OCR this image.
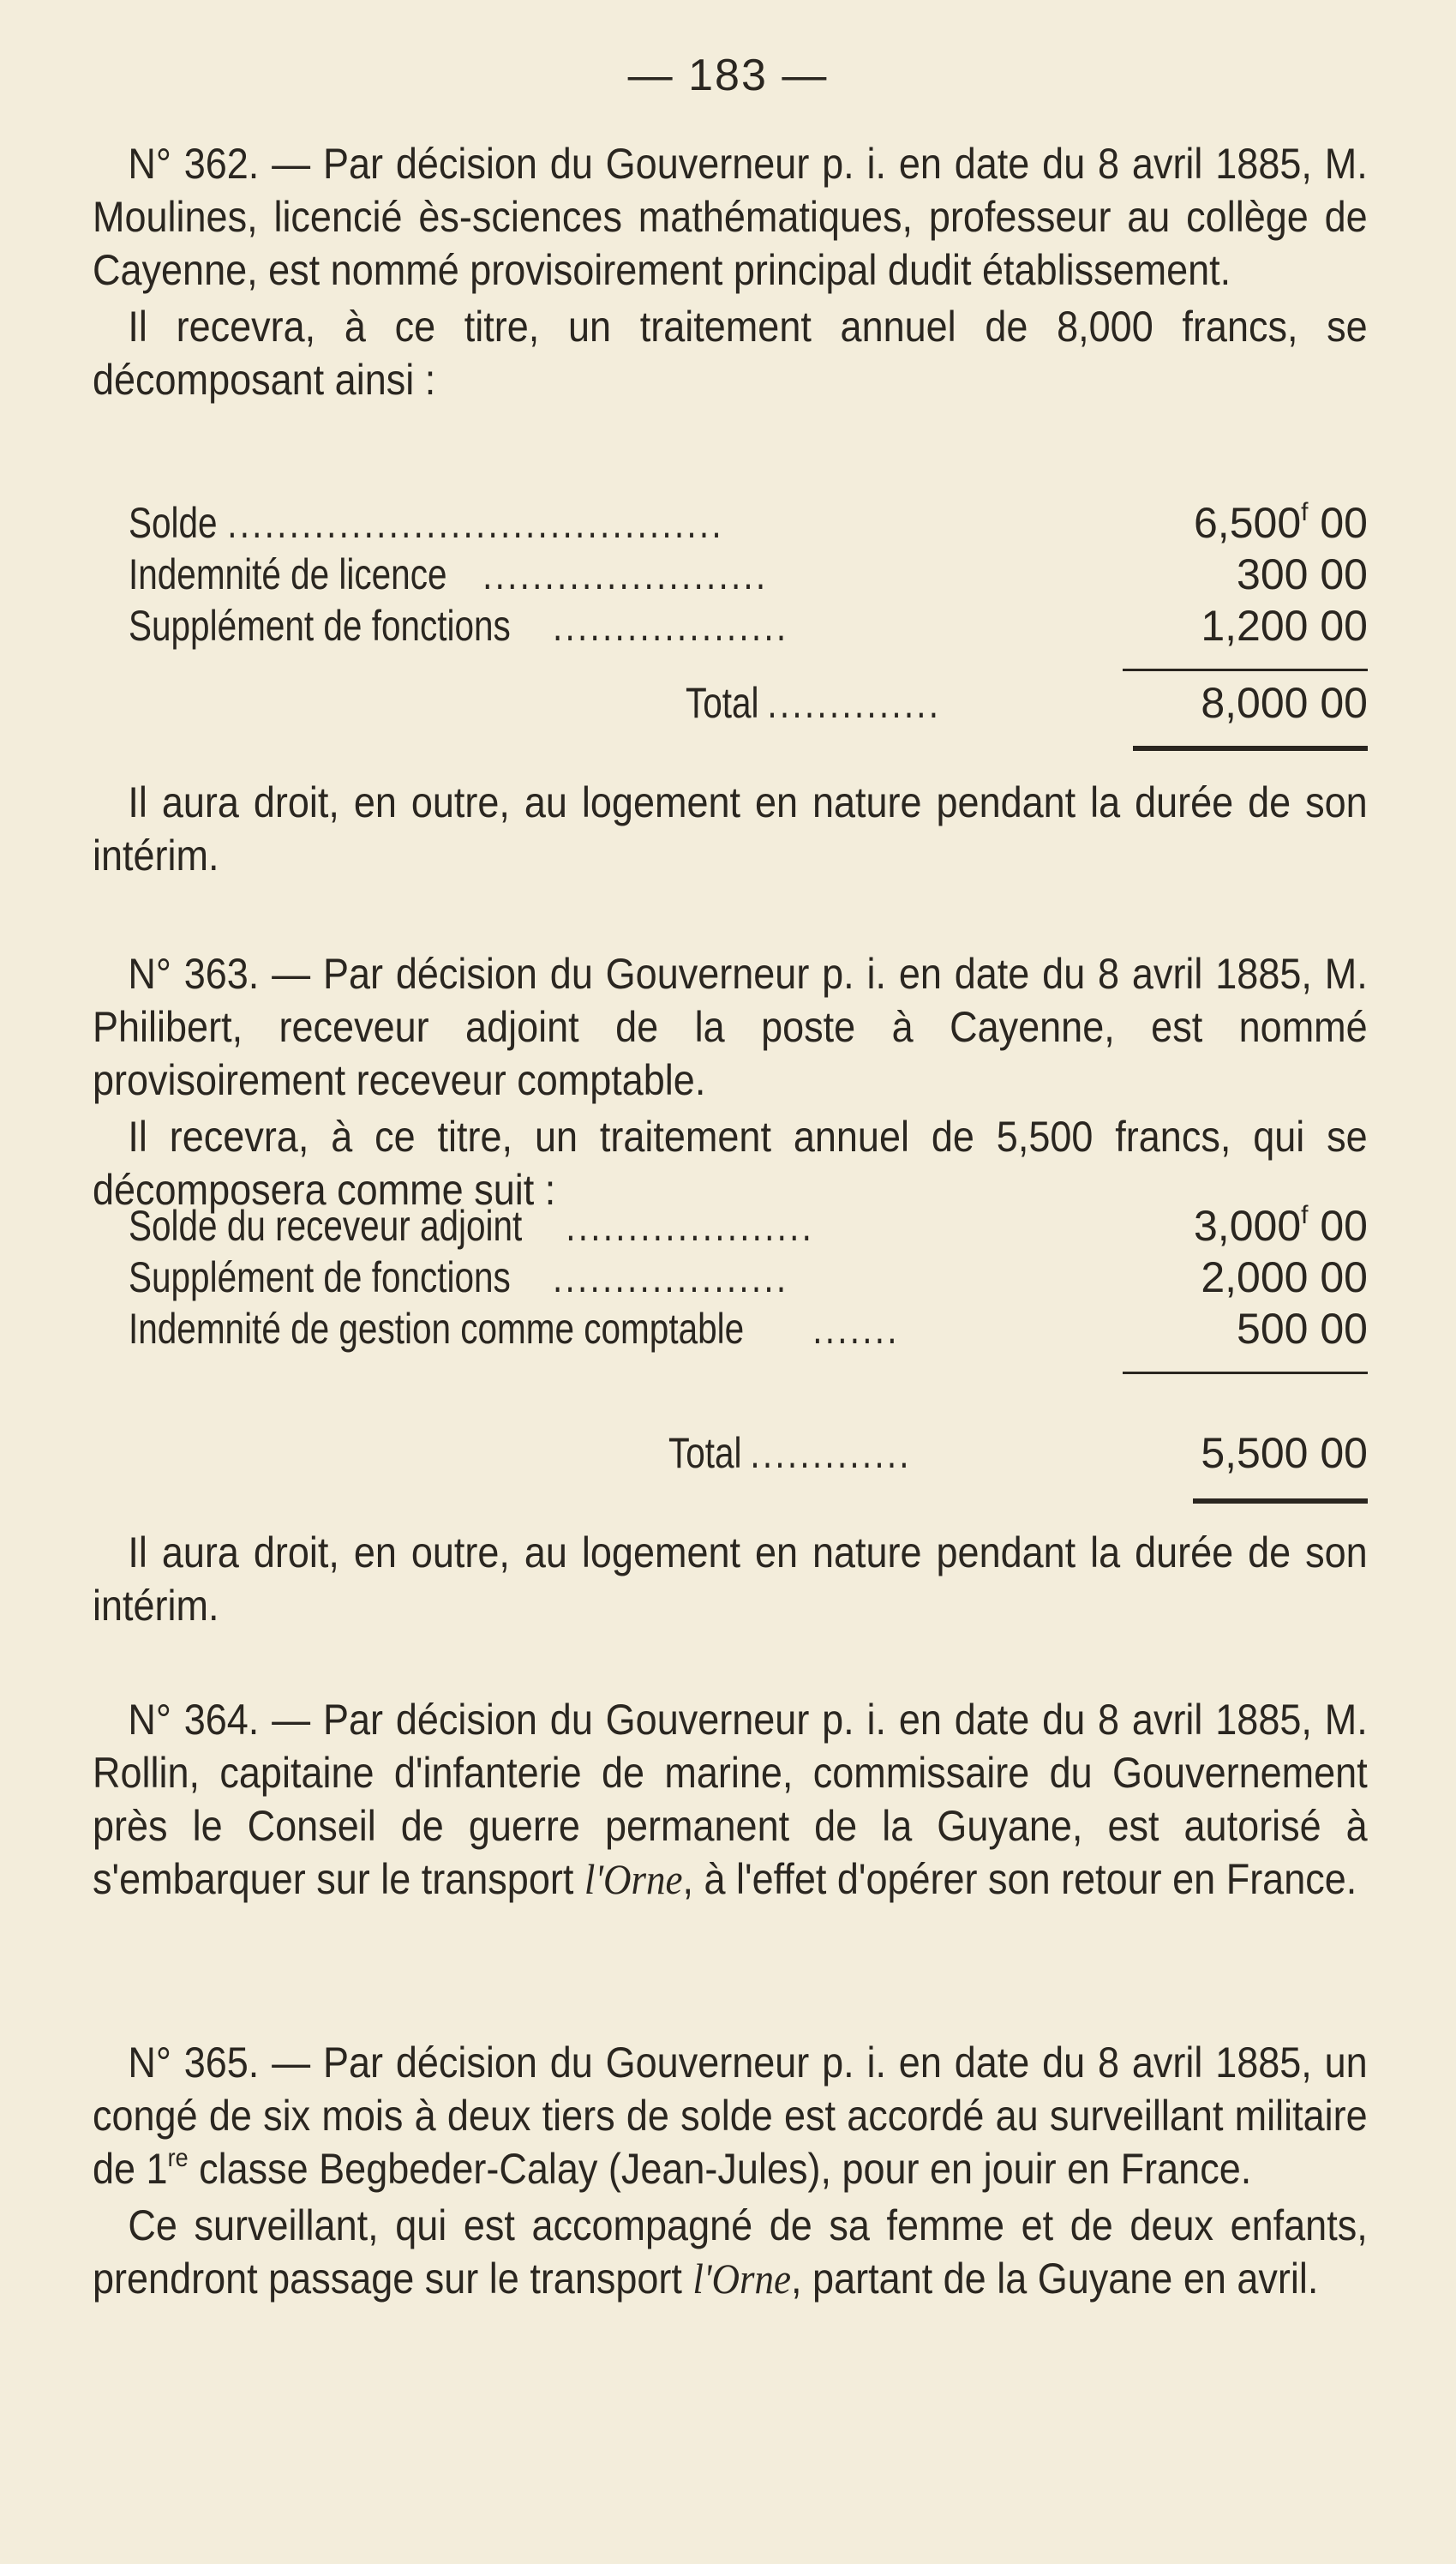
— 183 —

N° 362. — Par décision du Gouverneur p. i. en date du 8 avril 1885, M. Moulines, licencié ès-sciences mathématiques, professeur au collège de Cayenne, est nommé provisoirement principal dudit établissement.

Il recevra, à ce titre, un traitement annuel de 8,000 francs, se décomposant ainsi :

Solde ........................................	6,500$^f$ 00
Indemnité de licence .......................	300 00
Supplément de fonctions ...................	1,200 00
Total ..............	8,000 00

Il aura droit, en outre, au logement en nature pendant la durée de son intérim.

N° 363. — Par décision du Gouverneur p. i. en date du 8 avril 1885, M. Philibert, receveur adjoint de la poste à Cayenne, est nommé provisoirement receveur comptable.

Il recevra, à ce titre, un traitement annuel de 5,500 francs, qui se décomposera comme suit :

Solde du receveur adjoint ....................	3,000$^f$ 00
Supplément de fonctions ...................	2,000 00
Indemnité de gestion comme comptable .......	500 00
Total .............	5,500 00

Il aura droit, en outre, au logement en nature pendant la durée de son intérim.

N° 364. — Par décision du Gouverneur p. i. en date du 8 avril 1885, M. Rollin, capitaine d'infanterie de marine, commissaire du Gouvernement près le Conseil de guerre permanent de la Guyane, est autorisé à s'embarquer sur le transport l'Orne, à l'effet d'opérer son retour en France.

N° 365. — Par décision du Gouverneur p. i. en date du 8 avril 1885, un congé de six mois à deux tiers de solde est accordé au surveillant militaire de 1re classe Begbeder-Calay (Jean-Jules), pour en jouir en France.

Ce surveillant, qui est accompagné de sa femme et de deux enfants, prendront passage sur le transport l'Orne, partant de la Guyane en avril.
